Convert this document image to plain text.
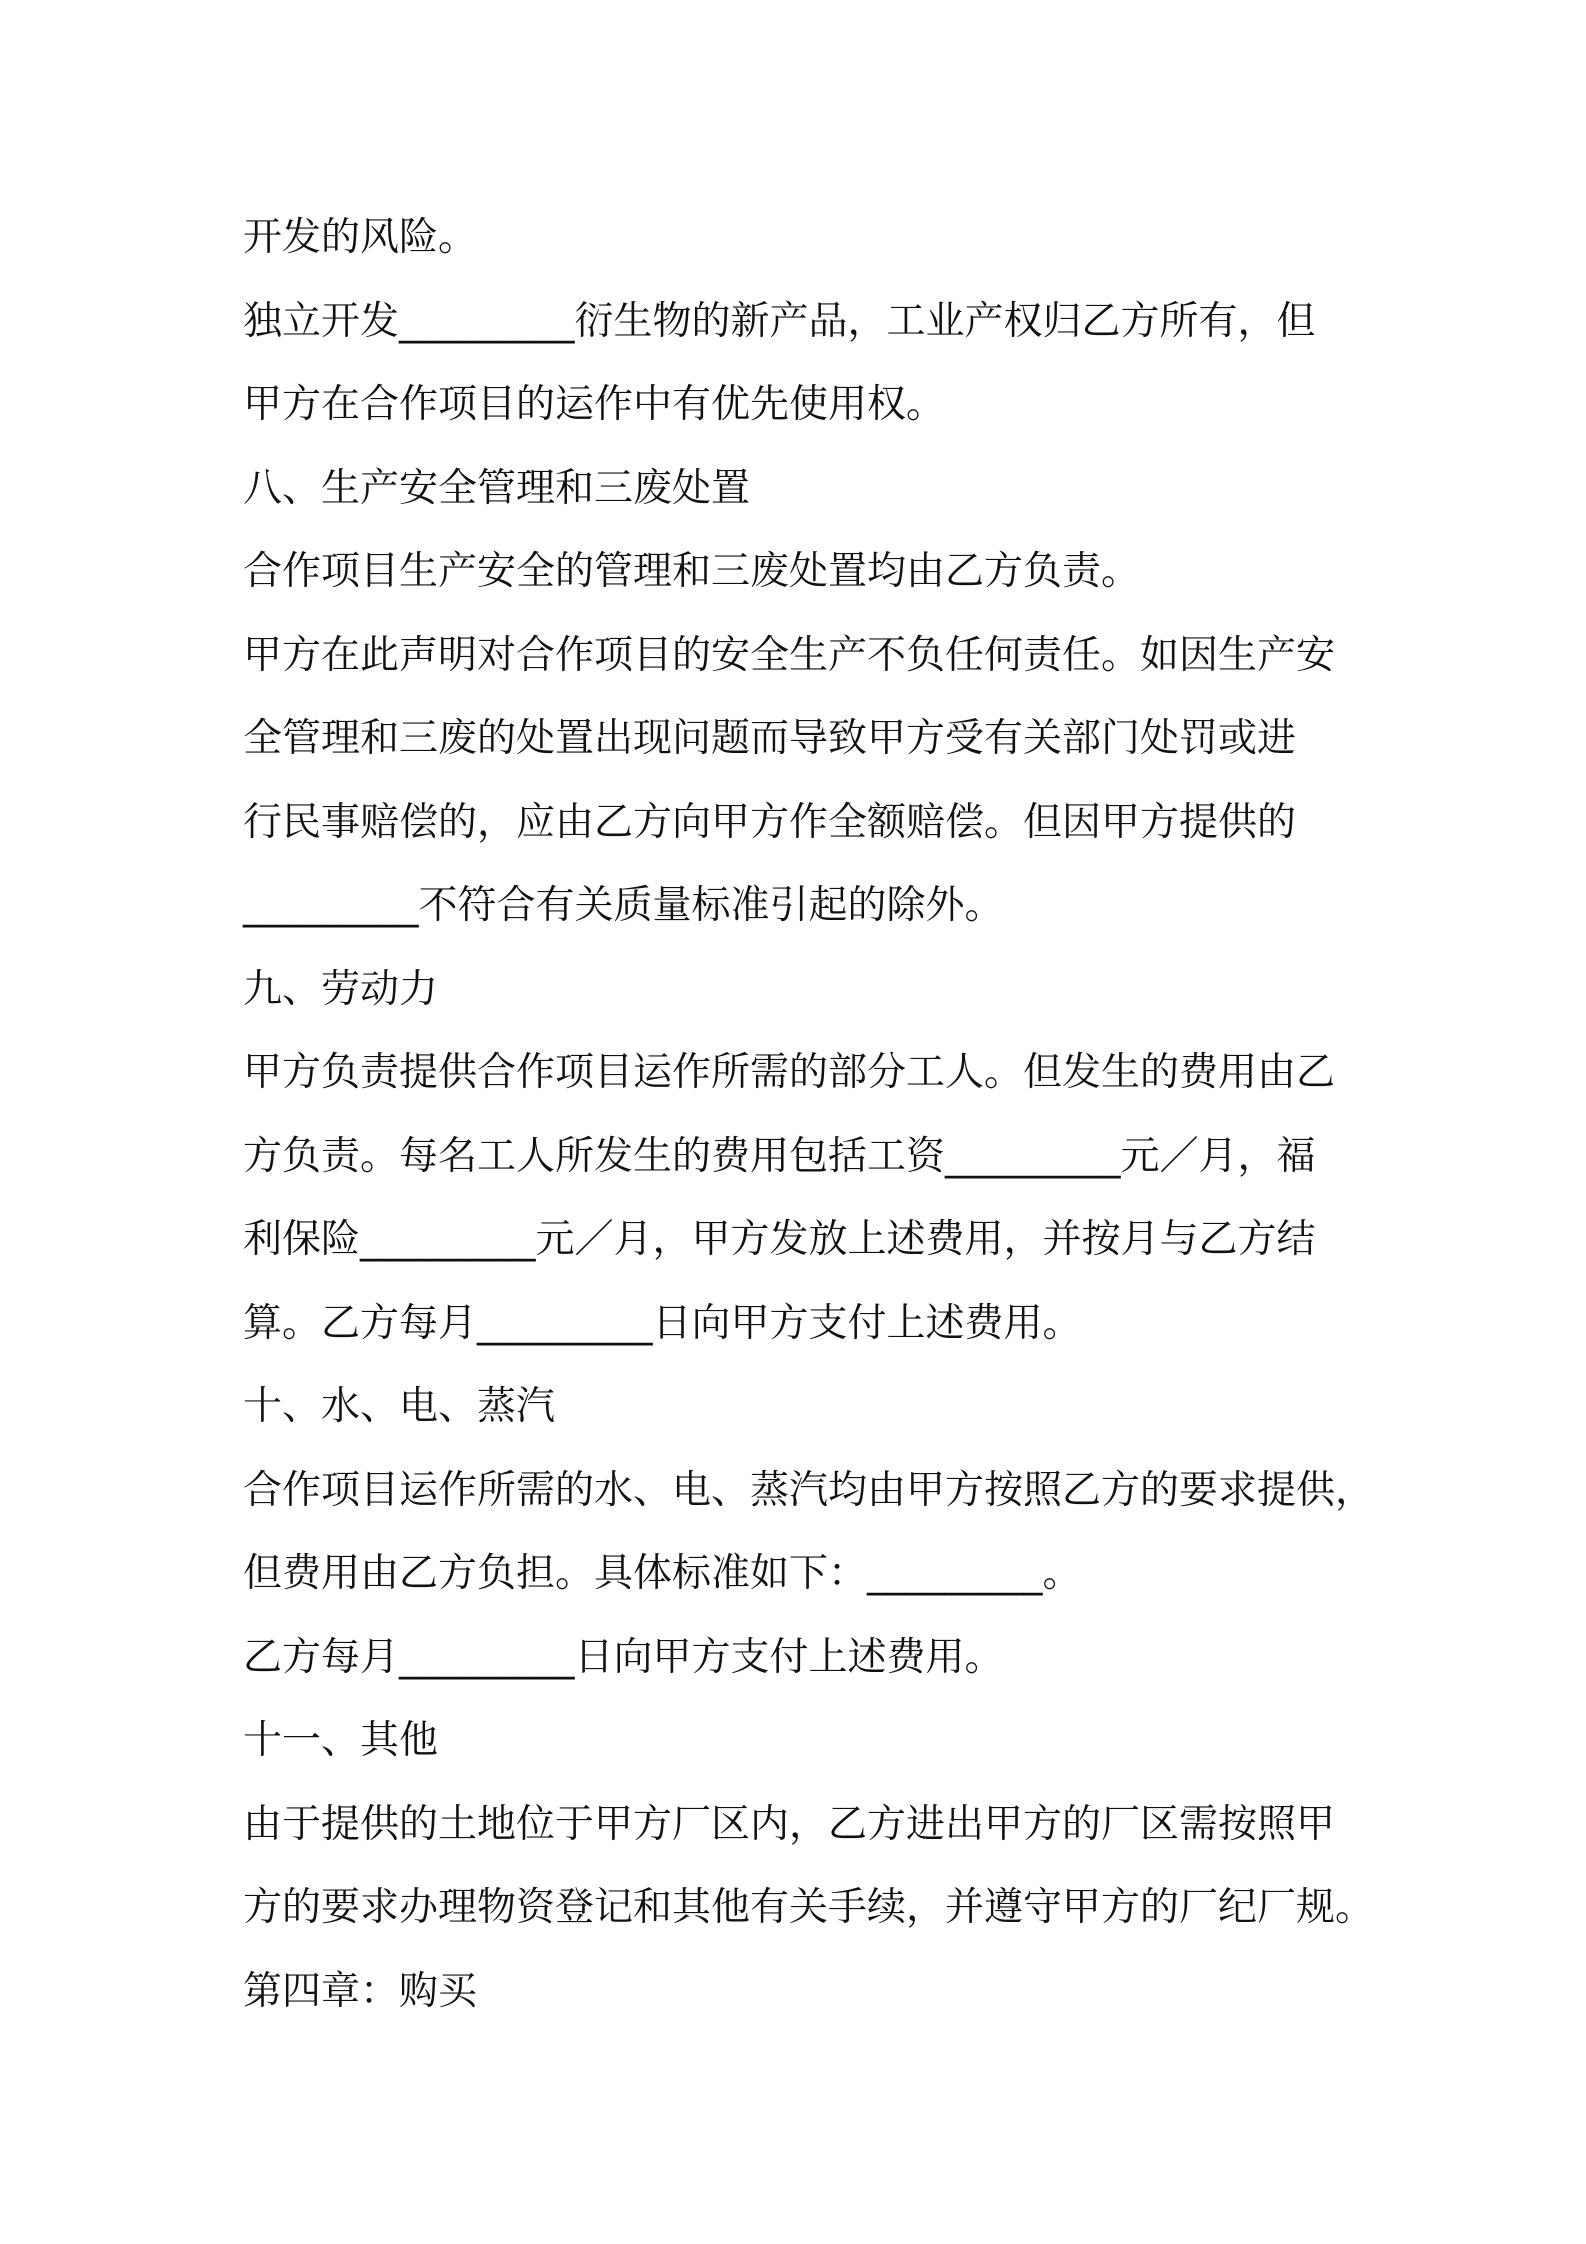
开发的风险。
独立开发_________衍生物的新产品，工业产权归乙方所有，但
甲方在合作项目的运作中有优先使用权。
八、生产安全管理和三废处置
合作项目生产安全的管理和三废处置均由乙方负责。
甲方在此声明对合作项目的安全生产不负任何责任。如因生产安
全管理和三废的处置出现问题而导致甲方受有关部门处罚或进
行民事赔偿的，应由乙方向甲方作全额赔偿。但因甲方提供的
_________不符合有关质量标准引起的除外。
九、劳动力
甲方负责提供合作项目运作所需的部分工人。但发生的费用由乙
方负责。每名工人所发生的费用包括工资_________元／月，福
利保险_________元／月，甲方发放上述费用，并按月与乙方结
算。乙方每月_________日向甲方支付上述费用。
十、水、电、蒸汽
合作项目运作所需的水、电、蒸汽均由甲方按照乙方的要求提供，
但费用由乙方负担。具体标准如下：_________。
乙方每月_________日向甲方支付上述费用。
十一、其他
由于提供的土地位于甲方厂区内，乙方进出甲方的厂区需按照甲
方的要求办理物资登记和其他有关手续，并遵守甲方的厂纪厂规。
第四章：购买
